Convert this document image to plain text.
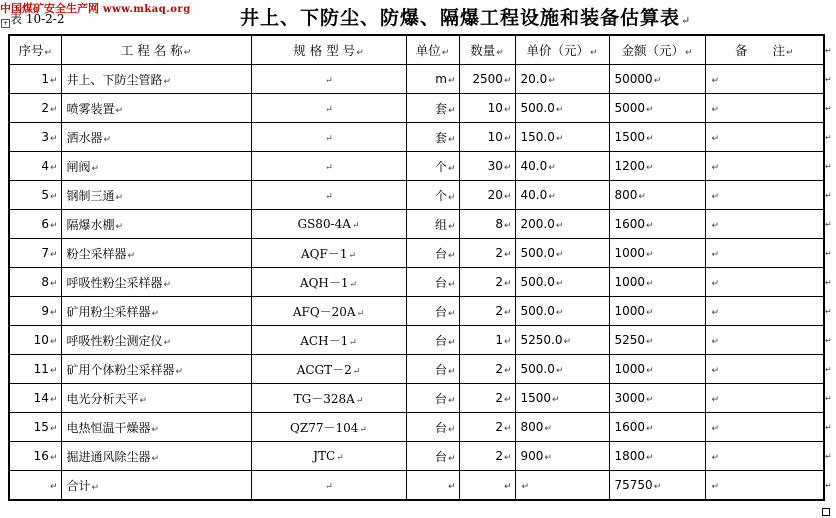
中国煤矿安全生产网 www.mkaq.org
+ 表 10-2-2	井上、下防尘、防爆、隔爆工程设施和装备估算表↵
序号↵	工 程 名 称↵	规 格 型 号↵	单位↵	数量↵	单价（元）↵	金额（元）↵	备　　注↵
1↵	井上、下防尘管路↵	↵	m↵	2500↵	20.0↵	50000↵	↵
2↵	喷雾装置↵	↵	套↵	10↵	500.0↵	5000↵	↵
3↵	洒水器↵	↵	套↵	10↵	150.0↵	1500↵	↵
4↵	闸阀↵	↵	个↵	30↵	40.0↵	1200↵	↵
5↵	钢制三通↵	↵	个↵	20↵	40.0↵	800↵	↵
6↵	隔爆水棚↵	GS80-4A↵	组↵	8↵	200.0↵	1600↵	↵
7↵	粉尘采样器↵	AQF－1↵	台↵	2↵	500.0↵	1000↵	↵
8↵	呼吸性粉尘采样器↵	AQH－1↵	台↵	2↵	500.0↵	1000↵	↵
9↵	矿用粉尘采样器↵	AFQ－20A↵	台↵	2↵	500.0↵	1000↵	↵
10↵	呼吸性粉尘测定仪↵	ACH－1↵	台↵	1↵	5250.0↵	5250↵	↵
11↵	矿用个体粉尘采样器↵	ACGT－2↵	台↵	2↵	500.0↵	1000↵	↵
14↵	电光分析天平↵	TG－328A↵	台↵	2↵	1500↵	3000↵	↵
15↵	电热恒温干燥器↵	QZ77－104↵	台↵	2↵	800↵	1600↵	↵
16↵	掘进通风除尘器↵	JTC↵	台↵	2↵	900↵	1800↵	↵
↵	合计↵	↵	↵	↵	↵	75750↵	↵
↵
↵
↵
↵
↵
↵
↵
↵
↵
↵
↵
↵
↵
↵
↵
↵
